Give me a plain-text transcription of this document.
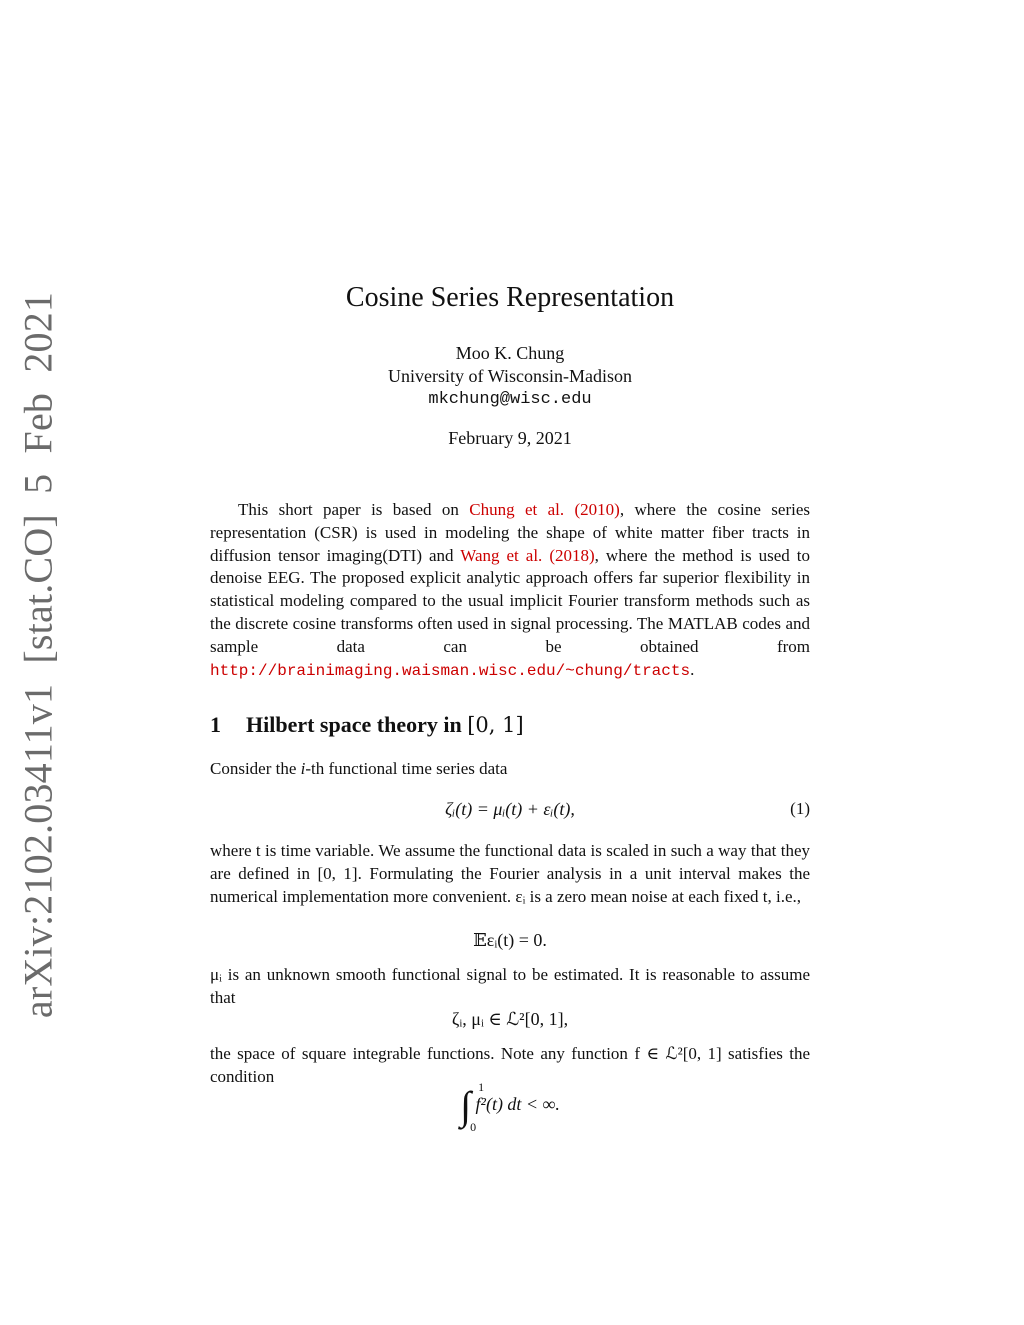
arXiv:2102.03411v1 [stat.CO] 5 Feb 2021	Cosine Series Representation
Moo K. Chung
University of Wisconsin-Madison
mkchung@wisc.edu
February 9, 2021
This short paper is based on Chung et al. (2010), where the cosine series representation (CSR) is used in modeling the shape of white matter fiber tracts in diffusion tensor imaging(DTI) and Wang et al. (2018), where the method is used to denoise EEG. The proposed explicit analytic approach offers far superior flexibility in statistical modeling compared to the usual implicit Fourier transform methods such as the discrete cosine transforms often used in signal processing. The MATLAB codes and sample data can be obtained from http://brainimaging.waisman.wisc.edu/~chung/tracts.
1 Hilbert space theory in [0, 1]
Consider the i-th functional time series data
ζᵢ(t) = μᵢ(t) + εᵢ(t),	(1)
where t is time variable. We assume the functional data is scaled in such a way that they are defined in [0, 1]. Formulating the Fourier analysis in a unit interval makes the numerical implementation more convenient. εᵢ is a zero mean noise at each fixed t, i.e.,
𝔼εᵢ(t) = 0.
μᵢ is an unknown smooth functional signal to be estimated. It is reasonable to assume that
ζᵢ, μᵢ ∈ ℒ²[0, 1],
the space of square integrable functions. Note any function f ∈ ℒ²[0, 1] satisfies the condition
∫ 1
0
f²(t) dt < ∞.
